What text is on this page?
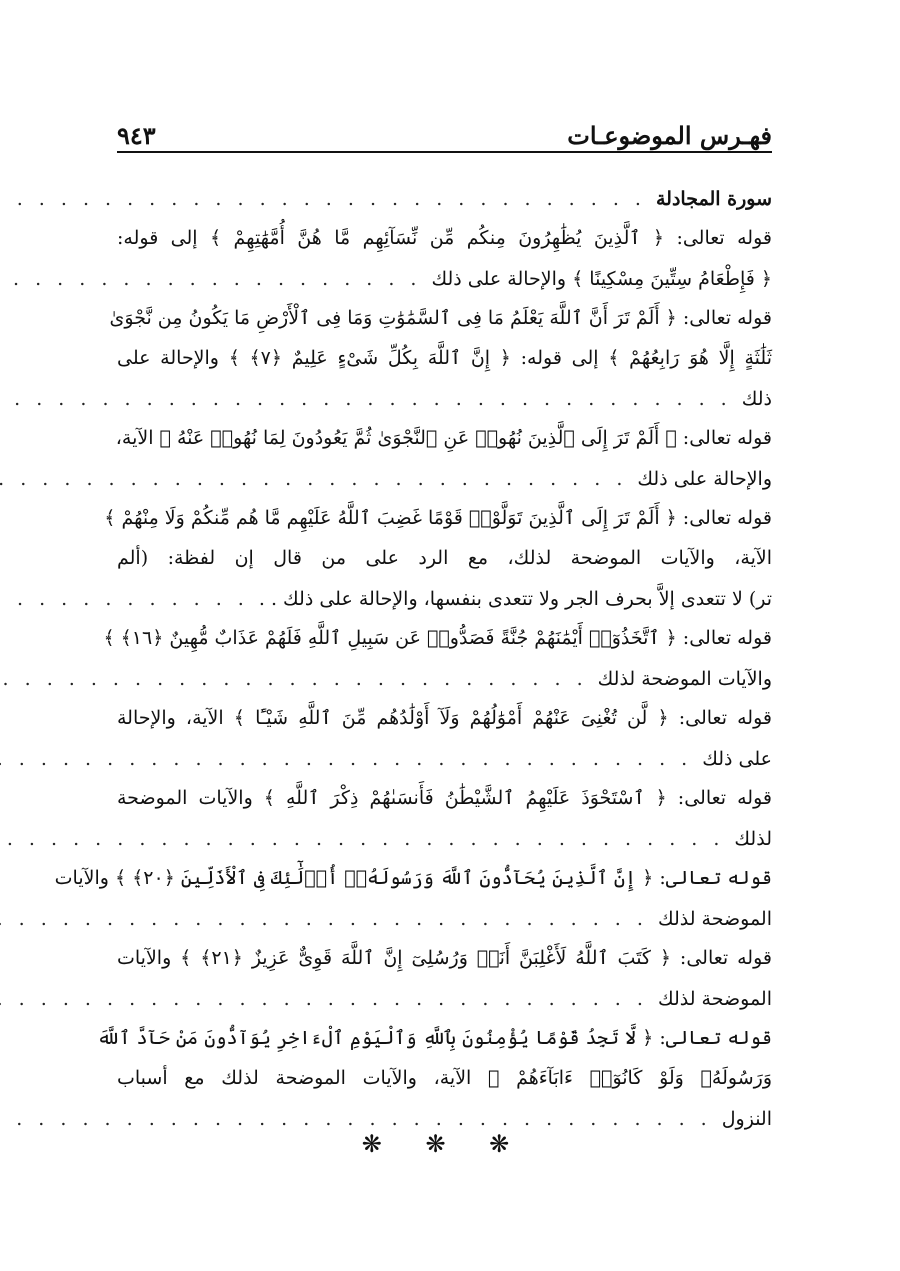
فهـرس الموضوعـات
٩٤٣
سورة المجادلة
. . .
قوله تعالى: ﴿ ٱلَّذِينَ يُظَٰهِرُونَ مِنكُم مِّن نِّسَآئِهِم مَّا هُنَّ أُمَّهَٰتِهِمْ ﴾ إلى قوله:
﴿ فَإِطْعَامُ سِتِّينَ مِسْكِينًا ﴾ والإحالة على ذلك
. . .
قوله تعالى: ﴿ أَلَمْ تَرَ أَنَّ ٱللَّهَ يَعْلَمُ مَا فِى ٱلسَّمَٰوَٰتِ وَمَا فِى ٱلْأَرْضِ مَا يَكُونُ مِن نَّجْوَىٰ
ثَلَٰثَةٍ إِلَّا هُوَ رَابِعُهُمْ ﴾ إلى قوله: ﴿ إِنَّ ٱللَّهَ بِكُلِّ شَىْءٍ عَلِيمٌ ﴿٧﴾ ﴾ والإحالة على
ذلك
. . .
قوله تعالى: ﴿ أَلَمْ تَرَ إِلَى ٱلَّذِينَ نُهُوا۟ عَنِ ٱلنَّجْوَىٰ ثُمَّ يَعُودُونَ لِمَا نُهُوا۟ عَنْهُ ﴾ الآية،
والإحالة على ذلك
. . .
قوله تعالى: ﴿ أَلَمْ تَرَ إِلَى ٱلَّذِينَ تَوَلَّوْا۟ قَوْمًا غَضِبَ ٱللَّهُ عَلَيْهِم مَّا هُم مِّنكُمْ وَلَا مِنْهُمْ ﴾
الآية، والآيات الموضحة لذلك، مع الرد على من قال إن لفظة: (ألم
تر) لا تتعدى إلاَّ بحرف الجر ولا تتعدى بنفسها، والإحالة على ذلك . .
. . .
قوله تعالى: ﴿ ٱتَّخَذُوٓا۟ أَيْمَٰنَهُمْ جُنَّةً فَصَدُّوا۟ عَن سَبِيلِ ٱللَّهِ فَلَهُمْ عَذَابٌ مُّهِينٌ ﴿١٦﴾ ﴾
والآيات الموضحة لذلك
. . .
قوله تعالى: ﴿ لَّن تُغْنِىَ عَنْهُمْ أَمْوَٰلُهُمْ وَلَآ أَوْلَٰدُهُم مِّنَ ٱللَّهِ شَيْـًٔا ﴾ الآية، والإحالة
على ذلك
. . .
قوله تعالى: ﴿ ٱسْتَحْوَذَ عَلَيْهِمُ ٱلشَّيْطَٰنُ فَأَنسَىٰهُمْ ذِكْرَ ٱللَّهِ ﴾ والآيات الموضحة
لذلك
. . .
قوله تعالى: ﴿ إِنَّ ٱلَّذِينَ يُحَآدُّونَ ٱللَّهَ وَرَسُولَهُۥٓ أُو۟لَٰٓئِكَ فِى ٱلْأَذَلِّينَ ﴿٢٠﴾ ﴾ والآيات
الموضحة لذلك
. . .
قوله تعالى: ﴿ كَتَبَ ٱللَّهُ لَأَغْلِبَنَّ أَنَا۠ وَرُسُلِىٓ إِنَّ ٱللَّهَ قَوِىٌّ عَزِيزٌ ﴿٢١﴾ ﴾ والآيات
الموضحة لذلك
. . .
قوله تعالى: ﴿ لَّا تَجِدُ قَوْمًا يُؤْمِنُونَ بِٱللَّهِ وَٱلْيَوْمِ ٱلْءَاخِرِ يُوَآدُّونَ مَنْ حَآدَّ ٱللَّهَ
وَرَسُولَهُۥ وَلَوْ كَانُوٓا۟ ءَابَآءَهُمْ ﴾ الآية، والآيات الموضحة لذلك مع أسباب
النزول
. . .
❋ ❋ ❋
